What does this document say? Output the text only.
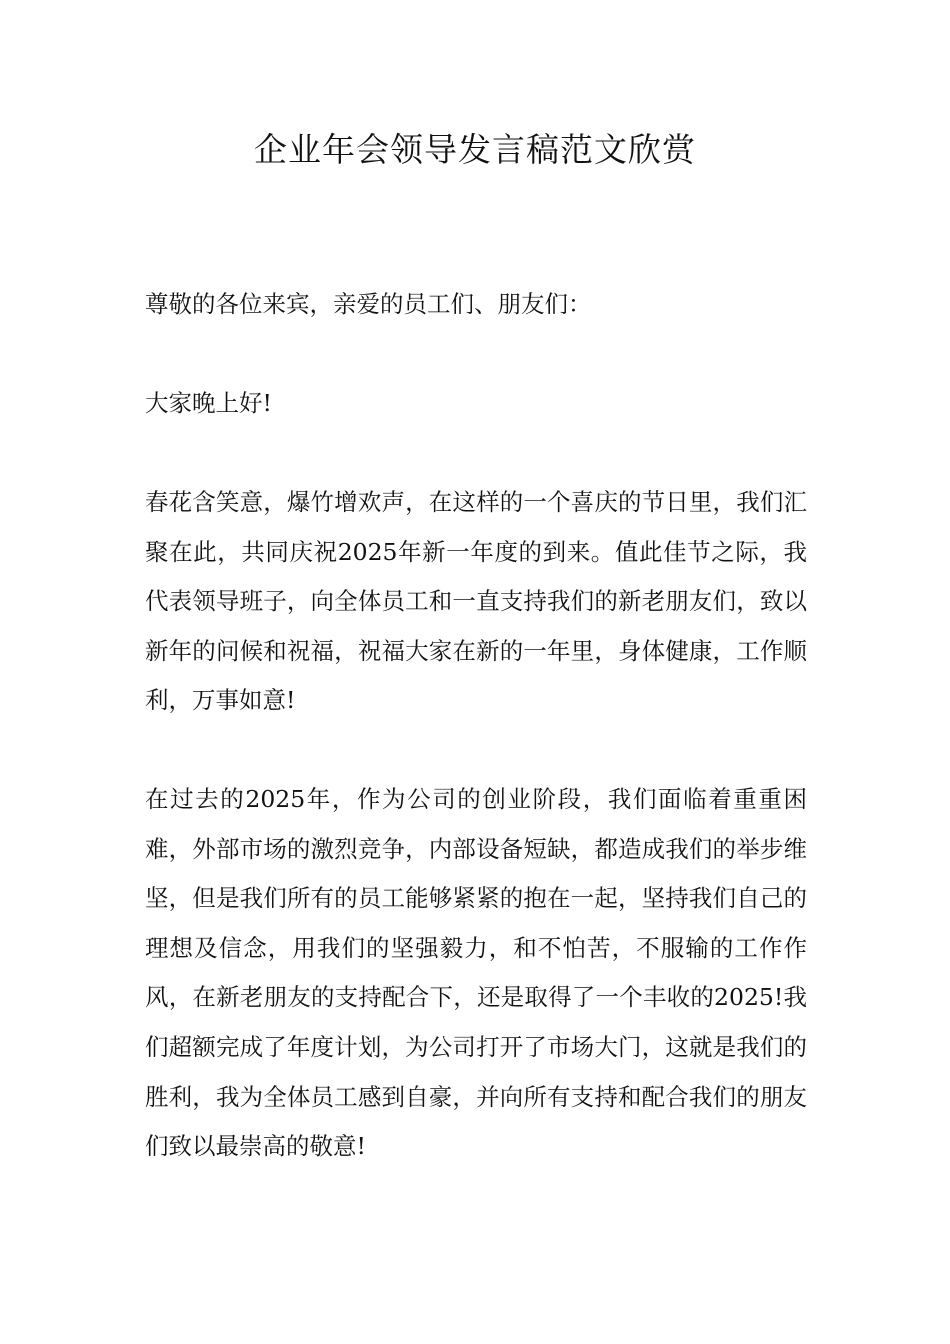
企业年会领导发言稿范文欣赏

尊敬的各位来宾，亲爱的员工们、朋友们：

大家晚上好!

春花含笑意，爆竹增欢声，在这样的一个喜庆的节日里，我们汇聚在此，共同庆祝2025年新一年度的到来。值此佳节之际，我代表领导班子，向全体员工和一直支持我们的新老朋友们，致以新年的问候和祝福，祝福大家在新的一年里，身体健康，工作顺利，万事如意!

在过去的2025年，作为公司的创业阶段，我们面临着重重困难，外部市场的激烈竞争，内部设备短缺，都造成我们的举步维坚，但是我们所有的员工能够紧紧的抱在一起，坚持我们自己的理想及信念，用我们的坚强毅力，和不怕苦，不服输的工作作风，在新老朋友的支持配合下，还是取得了一个丰收的2025!我们超额完成了年度计划，为公司打开了市场大门，这就是我们的胜利，我为全体员工感到自豪，并向所有支持和配合我们的朋友们致以最崇高的敬意!
